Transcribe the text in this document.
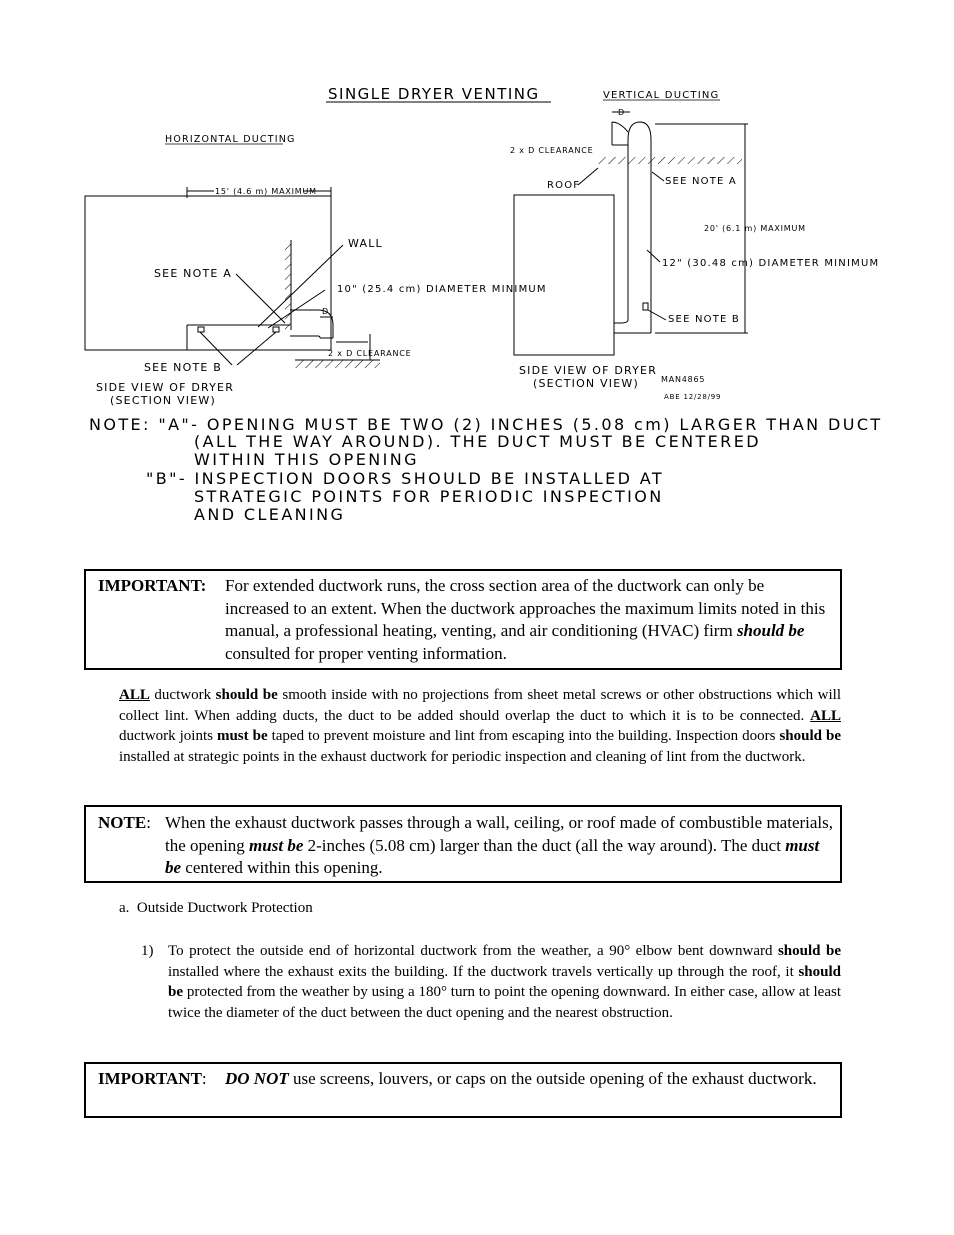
SINGLE DRYER VENTING	VERTICAL DUCTING
HORIZONTAL DUCTING
15' (4.6 m) MAXIMUM
WALL
SEE NOTE A
10" (25.4 cm) DIAMETER MINIMUM
D
2 x D CLEARANCE
SEE NOTE B
SIDE VIEW OF DRYER
(SECTION VIEW)
D
2 x D CLEARANCE
ROOF	SEE NOTE A
20' (6.1 m) MAXIMUM
12" (30.48 cm) DIAMETER MINIMUM
SEE NOTE B
SIDE VIEW OF DRYER
(SECTION VIEW)	MAN4865
ABE 12/28/99
NOTE: "A"- OPENING MUST BE TWO (2) INCHES (5.08 cm) LARGER THAN DUCT
(ALL THE WAY AROUND). THE DUCT MUST BE CENTERED
WITHIN THIS OPENING
"B"- INSPECTION DOORS SHOULD BE INSTALLED AT
STRATEGIC POINTS FOR PERIODIC INSPECTION
AND CLEANING
IMPORTANT: For extended ductwork runs, the cross section area of the ductwork can only be increased to an extent. When the ductwork approaches the maximum limits noted in this manual, a professional heating, venting, and air conditioning (HVAC) firm should be consulted for proper venting information.
ALL ductwork should be smooth inside with no projections from sheet metal screws or other obstructions which will collect lint. When adding ducts, the duct to be added should overlap the duct to which it is to be connected. ALL ductwork joints must be taped to prevent moisture and lint from escaping into the building. Inspection doors should be installed at strategic points in the exhaust ductwork for periodic inspection and cleaning of lint from the ductwork.
NOTE: When the exhaust ductwork passes through a wall, ceiling, or roof made of combustible materials, the opening must be 2-inches (5.08 cm) larger than the duct (all the way around). The duct must be centered within this opening.
a. Outside Ductwork Protection
1) To protect the outside end of horizontal ductwork from the weather, a 90° elbow bent downward should be installed where the exhaust exits the building. If the ductwork travels vertically up through the roof, it should be protected from the weather by using a 180° turn to point the opening downward. In either case, allow at least twice the diameter of the duct between the duct opening and the nearest obstruction.
IMPORTANT: DO NOT use screens, louvers, or caps on the outside opening of the exhaust ductwork.
